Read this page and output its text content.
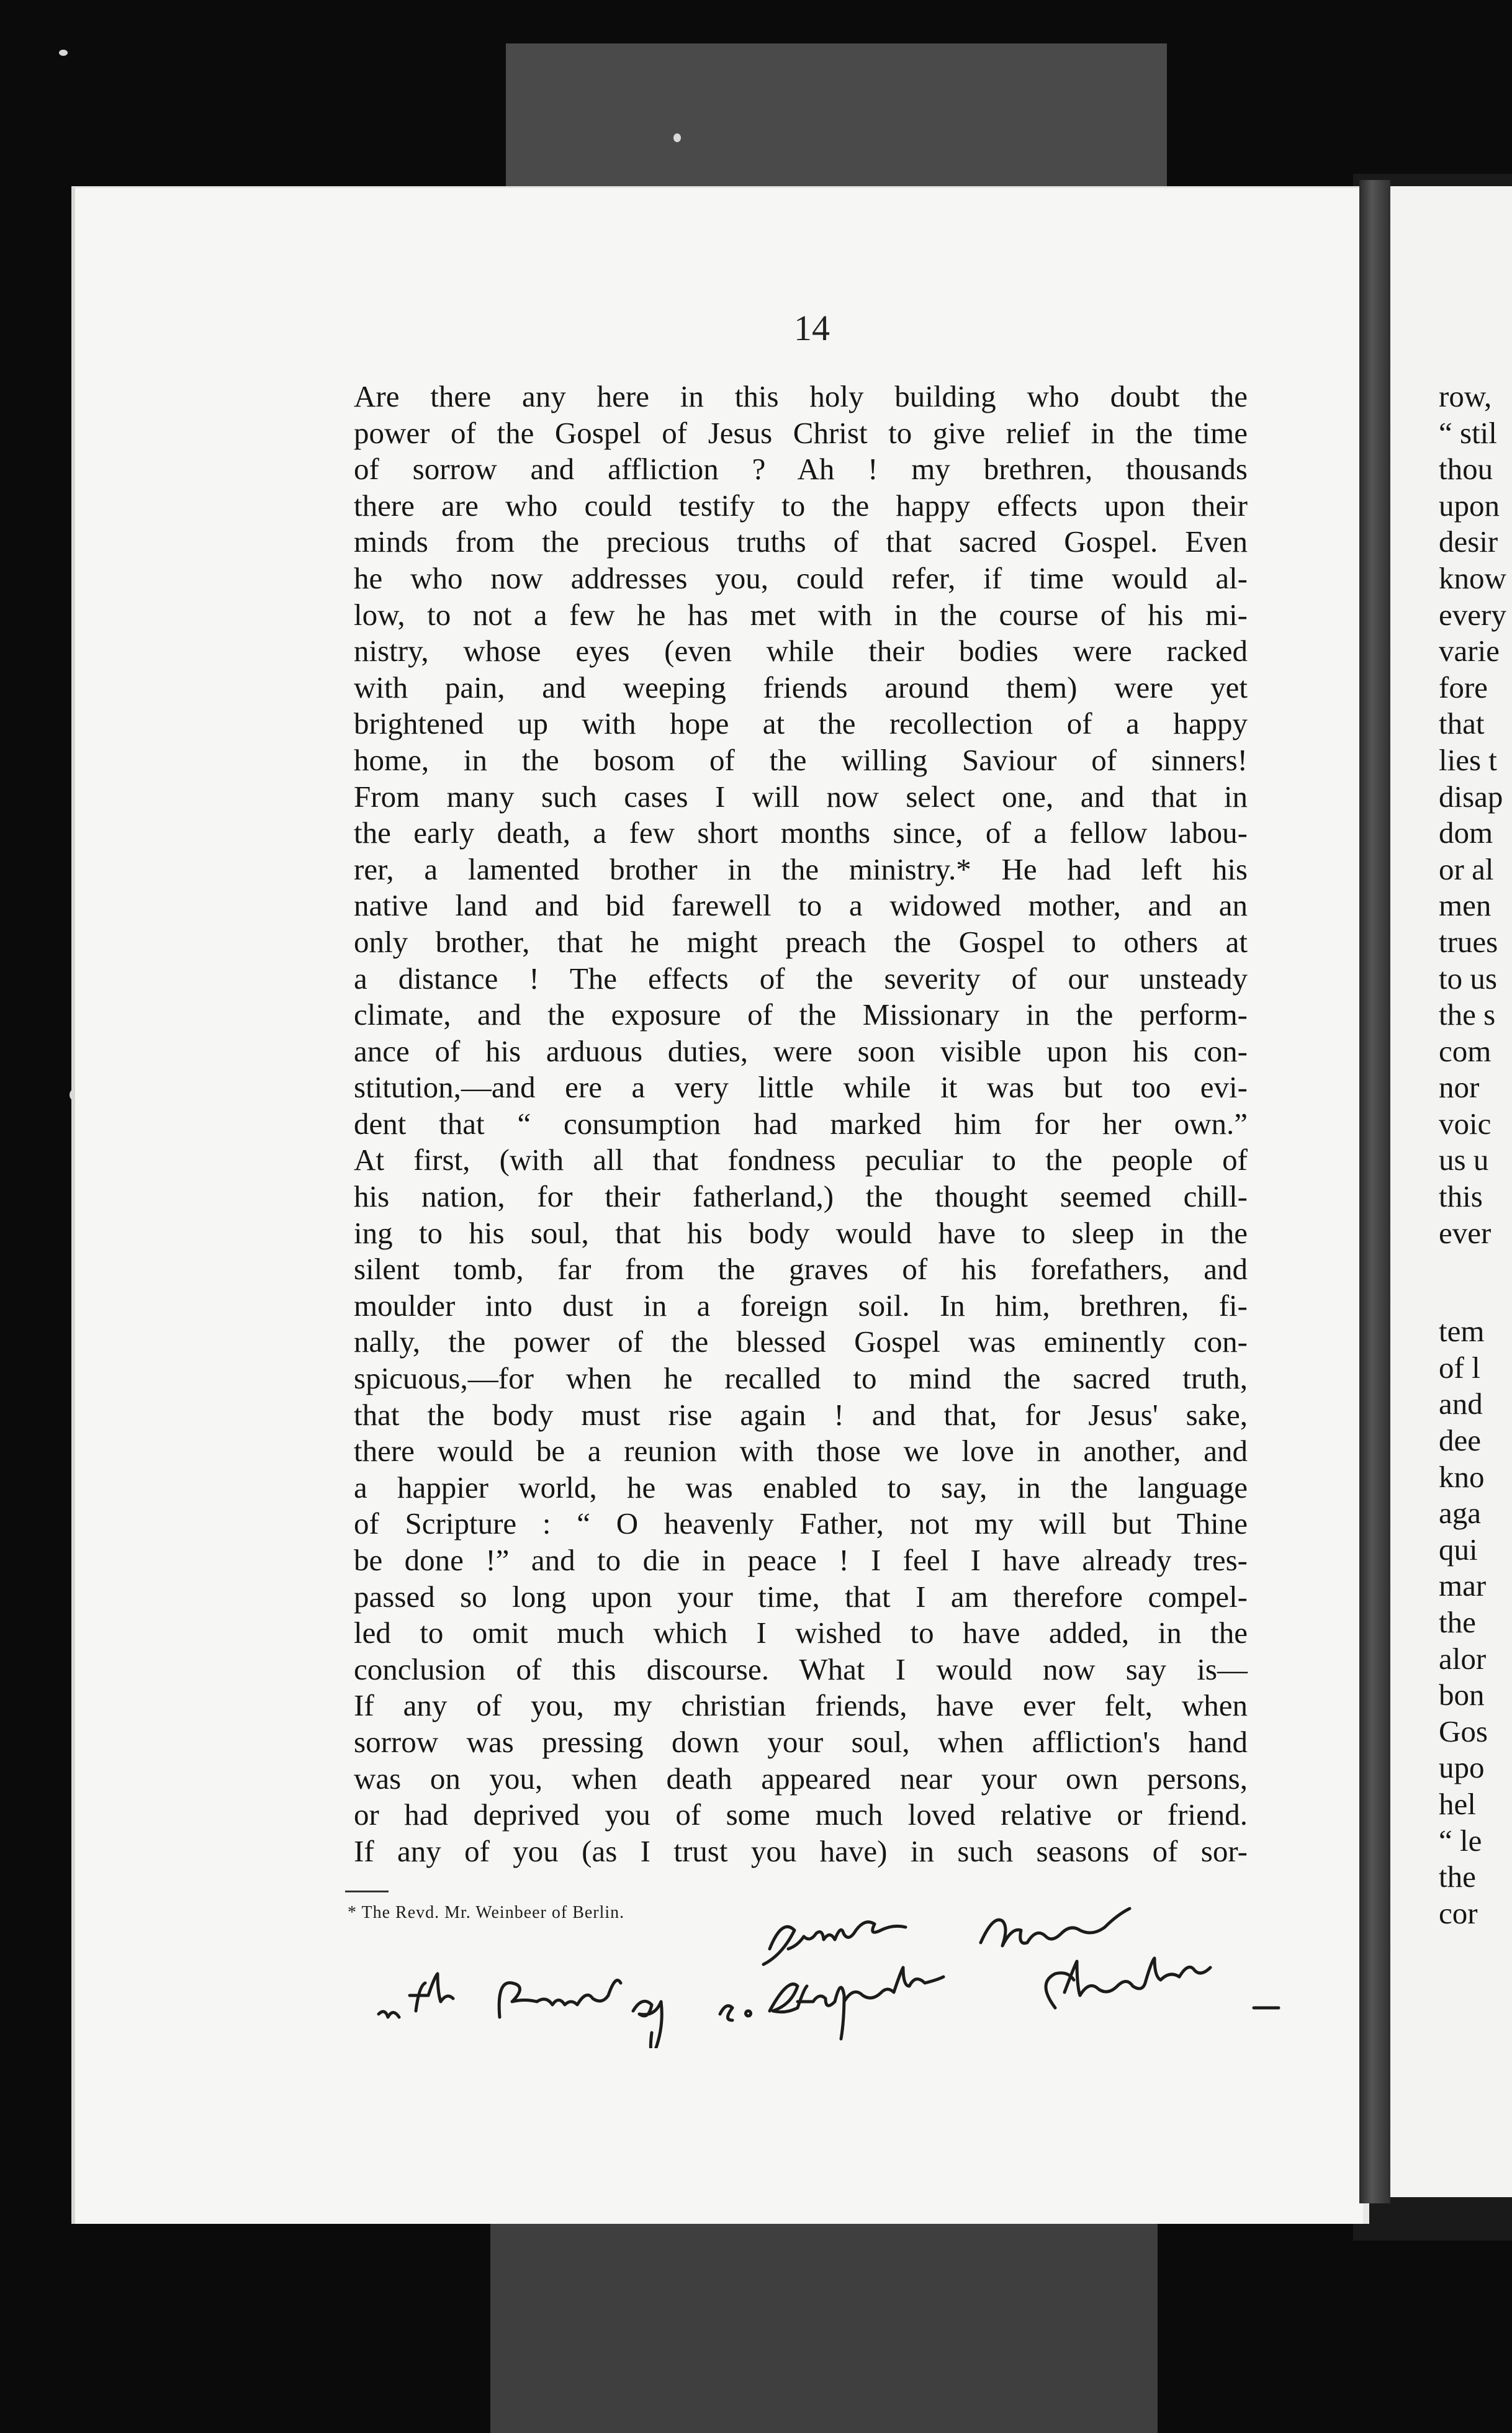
14
Are there any here in this holy building who doubt the
power of the Gospel of Jesus Christ to give relief in the time
of sorrow and affliction ? Ah ! my brethren, thousands
there are who could testify to the happy effects upon their
minds from the precious truths of that sacred Gospel. Even
he who now addresses you, could refer, if time would al-
low, to not a few he has met with in the course of his mi-
nistry, whose eyes (even while their bodies were racked
with pain, and weeping friends around them) were yet
brightened up with hope at the recollection of a happy
home, in the bosom of the willing Saviour of sinners!
From many such cases I will now select one, and that in
the early death, a few short months since, of a fellow labou-
rer, a lamented brother in the ministry.* He had left his
native land and bid farewell to a widowed mother, and an
only brother, that he might preach the Gospel to others at
a distance ! The effects of the severity of our unsteady
climate, and the exposure of the Missionary in the perform-
ance of his arduous duties, were soon visible upon his con-
stitution,—and ere a very little while it was but too evi-
dent that “ consumption had marked him for her own.”
At first, (with all that fondness peculiar to the people of
his nation, for their fatherland,) the thought seemed chill-
ing to his soul, that his body would have to sleep in the
silent tomb, far from the graves of his forefathers, and
moulder into dust in a foreign soil. In him, brethren, fi-
nally, the power of the blessed Gospel was eminently con-
spicuous,—for when he recalled to mind the sacred truth,
that the body must rise again ! and that, for Jesus' sake,
there would be a reunion with those we love in another, and
a happier world, he was enabled to say, in the language
of Scripture : “ O heavenly Father, not my will but Thine
be done !” and to die in peace ! I feel I have already tres-
passed so long upon your time, that I am therefore compel-
led to omit much which I wished to have added, in the
conclusion of this discourse. What I would now say is—
If any of you, my christian friends, have ever felt, when
sorrow was pressing down your soul, when affliction's hand
was on you, when death appeared near your own persons,
or had deprived you of some much loved relative or friend.
If any of you (as I trust you have) in such seasons of sor-
* The Revd. Mr. Weinbeer of Berlin.
row,
“ stil
thou
upon
desir
know
every
varie
fore
that
lies t
disap
dom
or al
men
trues
to us
the s
com
nor
voic
us u
this
ever
tem
of l
and
dee
kno
aga
qui
mar
the
alor
bon
Gos
upo
hel
“ le
the
cor
